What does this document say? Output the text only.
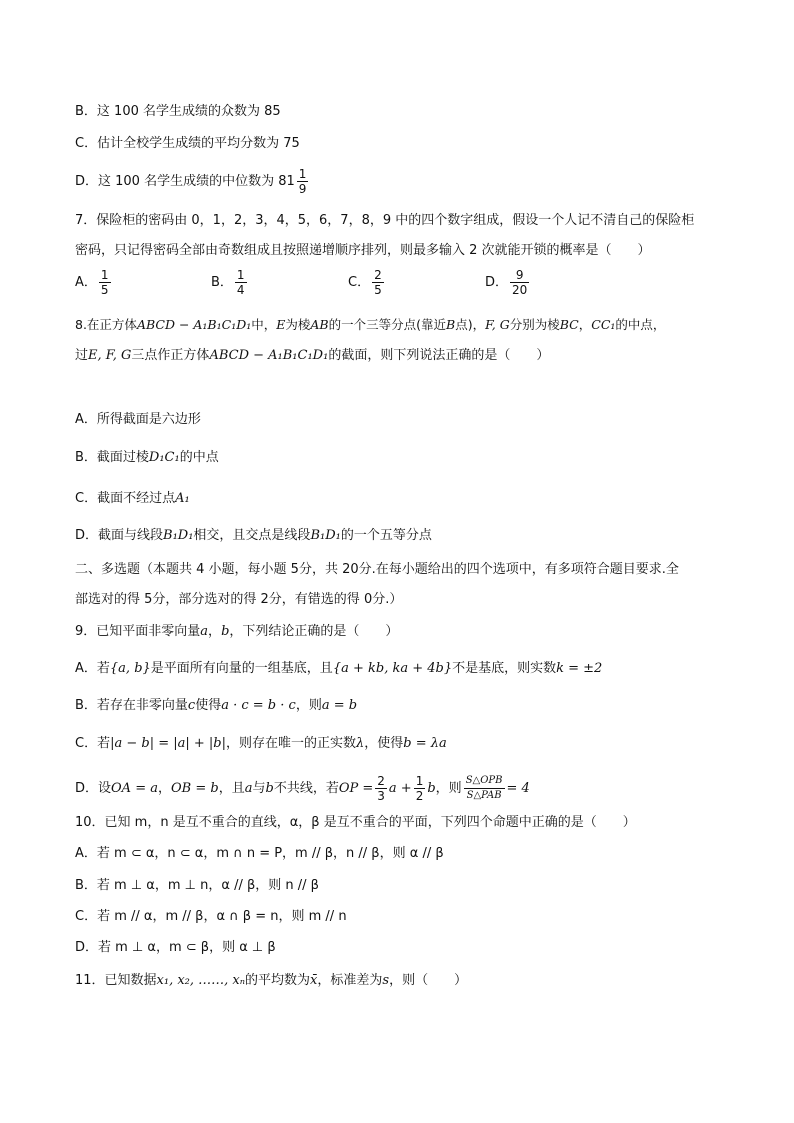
B．这 100 名学生成绩的众数为 85
C．估计全校学生成绩的平均分数为 75
D．这 100 名学生成绩的中位数为 $81 \frac{1}{9}$
7．保险柜的密码由 0，1，2，3，4，5，6，7，8，9 中的四个数字组成，假设一个人记不清自己的保险柜
密码，只记得密码全部由奇数组成且按照递增顺序排列，则最多输入 2 次就能开锁的概率是（　　）
A． $\frac{1}{5}$	B． $\frac{1}{4}$	C． $\frac{2}{5}$	D． $\frac{9}{20}$
8.在正方体ABCD − A₁B₁C₁D₁中，E为棱AB的一个三等分点(靠近B点)，F, G分别为棱BC，CC₁的中点，
过E, F, G三点作正方体ABCD − A₁B₁C₁D₁的截面，则下列说法正确的是（　　）
A．所得截面是六边形
B．截面过棱D₁C₁的中点
C．截面不经过点A₁
D．截面与线段B₁D₁相交，且交点是线段B₁D₁的一个五等分点
二、多选题（本题共 4 小题，每小题 5分，共 20分.在每小题给出的四个选项中，有多项符合题目要求.全
部选对的得 5分，部分选对的得 2分，有错选的得 0分.）
9．已知平面非零向量a，b，下列结论正确的是（　　）
A．若{a, b}是平面所有向量的一组基底，且{a + kb, ka + 4b}不是基底，则实数k = ±2
B．若存在非零向量c使得a · c = b · c，则a = b
C．若|a − b| = |a| + |b|，则存在唯一的正实数λ，使得b = λa
D．设OA = a，OB = b，且a与b不共线，若OP = $\frac{2}{3}$ $a + \frac{1}{2}$ b，则 $\frac{\text{S△OPB}}{\text{S△PAB}} = 4$
10．已知 m，n 是互不重合的直线，α，β 是互不重合的平面，下列四个命题中正确的是（　　）
A．若 m ⊂ α，n ⊂ α，m ∩ n = P，m // β，n // β，则 α // β
B．若 m ⊥ α，m ⊥ n，α // β，则 n // β
C．若 m // α，m // β，α ∩ β = n，则 m // n
D．若 m ⊥ α，m ⊂ β，则 α ⊥ β
11．已知数据x₁, x₂, ……, xₙ的平均数为x̄，标准差为s，则（　　）
